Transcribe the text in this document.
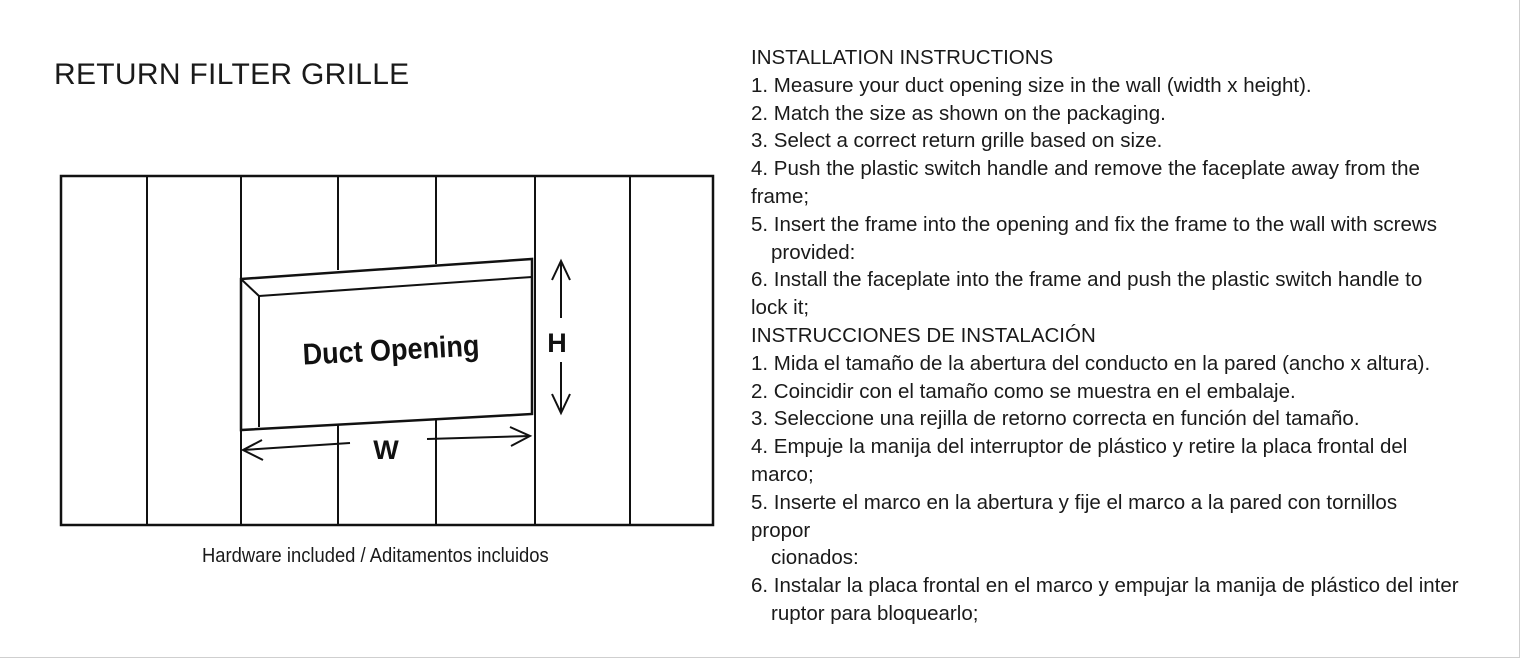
RETURN FILTER GRILLE
Duct Opening H
W
Hardware included / Aditamentos incluidos
INSTALLATION INSTRUCTIONS
1. Measure your duct opening size in the wall (width x height).
2. Match the size as shown on the packaging.
3. Select a correct return grille based on size.
4. Push the plastic switch handle and remove the faceplate away from the
frame;
5. Insert the frame into the opening and fix the frame to the wall with screws
provided:
6. Install the faceplate into the frame and push the plastic switch handle to
lock it;
INSTRUCCIONES DE INSTALACIÓN
1. Mida el tamaño de la abertura del conducto en la pared (ancho x altura).
2. Coincidir con el tamaño como se muestra en el embalaje.
3. Seleccione una rejilla de retorno correcta en función del tamaño.
4. Empuje la manija del interruptor de plástico y retire la placa frontal del
marco;
5. Inserte el marco en la abertura y fije el marco a la pared con tornillos
propor
cionados:
6. Instalar la placa frontal en el marco y empujar la manija de plástico del inter
ruptor para bloquearlo;
